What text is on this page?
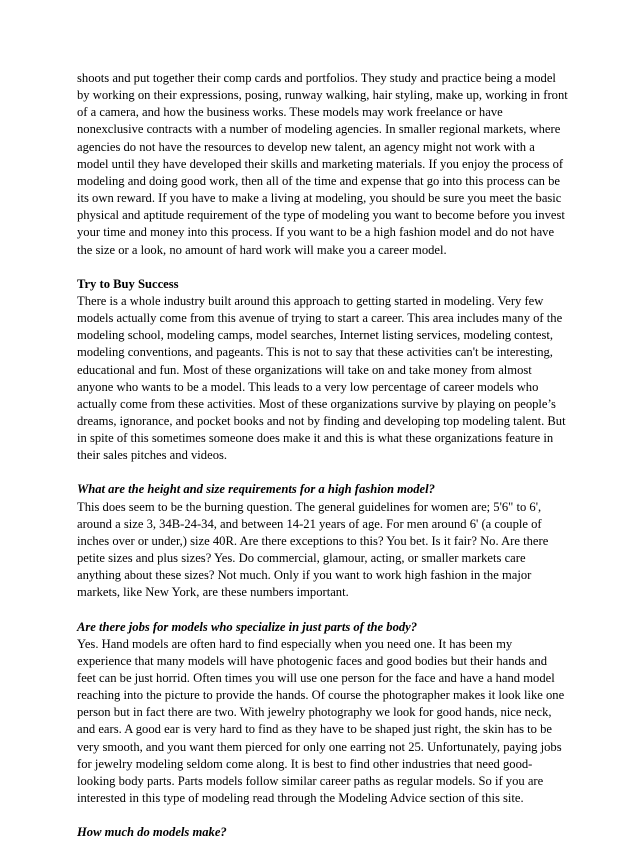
shoots and put together their comp cards and portfolios. They study and practice being a model
by working on their expressions, posing, runway walking, hair styling, make up, working in front
of a camera, and how the business works. These models may work freelance or have
nonexclusive contracts with a number of modeling agencies. In smaller regional markets, where
agencies do not have the resources to develop new talent, an agency might not work with a
model until they have developed their skills and marketing materials. If you enjoy the process of
modeling and doing good work, then all of the time and expense that go into this process can be
its own reward. If you have to make a living at modeling, you should be sure you meet the basic
physical and aptitude requirement of the type of modeling you want to become before you invest
your time and money into this process. If you want to be a high fashion model and do not have
the size or a look, no amount of hard work will make you a career model.
Try to Buy Success
There is a whole industry built around this approach to getting started in modeling. Very few
models actually come from this avenue of trying to start a career. This area includes many of the
modeling school, modeling camps, model searches, Internet listing services, modeling contest,
modeling conventions, and pageants. This is not to say that these activities can't be interesting,
educational and fun. Most of these organizations will take on and take money from almost
anyone who wants to be a model. This leads to a very low percentage of career models who
actually come from these activities. Most of these organizations survive by playing on people’s
dreams, ignorance, and pocket books and not by finding and developing top modeling talent. But
in spite of this sometimes someone does make it and this is what these organizations feature in
their sales pitches and videos.
What are the height and size requirements for a high fashion model?
This does seem to be the burning question. The general guidelines for women are; 5'6" to 6',
around a size 3, 34B-24-34, and between 14-21 years of age. For men around 6' (a couple of
inches over or under,) size 40R. Are there exceptions to this? You bet. Is it fair? No. Are there
petite sizes and plus sizes? Yes. Do commercial, glamour, acting, or smaller markets care
anything about these sizes? Not much. Only if you want to work high fashion in the major
markets, like New York, are these numbers important.
Are there jobs for models who specialize in just parts of the body?
Yes. Hand models are often hard to find especially when you need one. It has been my
experience that many models will have photogenic faces and good bodies but their hands and
feet can be just horrid. Often times you will use one person for the face and have a hand model
reaching into the picture to provide the hands. Of course the photographer makes it look like one
person but in fact there are two. With jewelry photography we look for good hands, nice neck,
and ears. A good ear is very hard to find as they have to be shaped just right, the skin has to be
very smooth, and you want them pierced for only one earring not 25. Unfortunately, paying jobs
for jewelry modeling seldom come along. It is best to find other industries that need good-
looking body parts. Parts models follow similar career paths as regular models. So if you are
interested in this type of modeling read through the Modeling Advice section of this site.
How much do models make?
